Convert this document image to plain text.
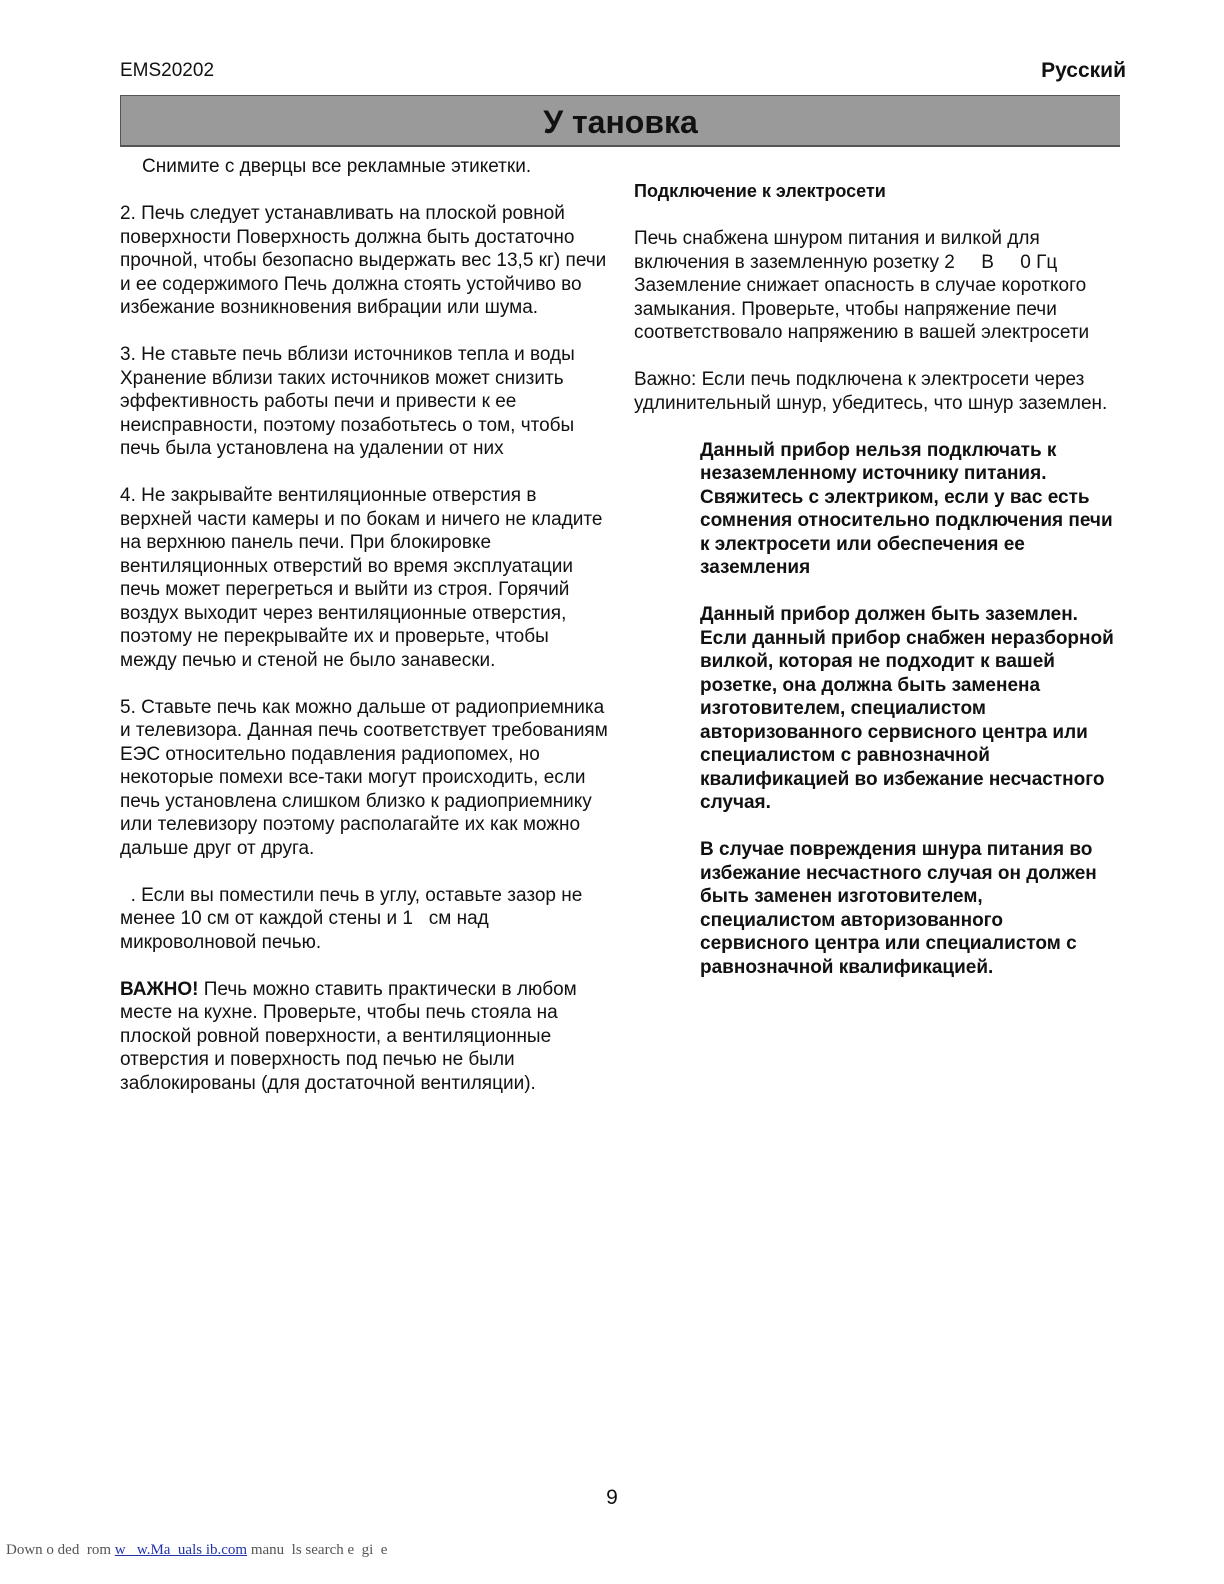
EMS20202	Русский
У тановка

Снимите с дверцы все рекламные этикетки.

2. Печь следует устанавливать на плоской ровной поверхности Поверхность должна быть достаточно прочной, чтобы безопасно выдержать вес 13,5 кг) печи и ее содержимого Печь должна стоять устойчиво во избежание возникновения вибрации или шума.

3. Не ставьте печь вблизи источников тепла и воды
Хранение вблизи таких источников может снизить эффективность работы печи и привести к ее неисправности, поэтому позаботьтесь о том, чтобы печь была установлена на удалении от них

4. Не закрывайте вентиляционные отверстия в верхней части камеры и по бокам и ничего не кладите на верхнюю панель печи. При блокировке вентиляционных отверстий во время эксплуатации печь может перегреться и выйти из строя. Горячий воздух выходит через вентиляционные отверстия, поэтому не перекрывайте их и проверьте, чтобы между печью и стеной не было занавески.

5. Ставьте печь как можно дальше от радиоприемника и телевизора. Данная печь соответствует требованиям ЕЭС относительно подавления радиопомех, но некоторые помехи все-таки могут происходить, если печь установлена слишком близко к радиоприемнику или телевизору поэтому располагайте их как можно дальше друг от друга.

. Если вы поместили печь в углу, оставьте зазор не менее 10 см от каждой стены и 1   см над микроволновой печью.

ВАЖНО! Печь можно ставить практически в любом месте на кухне. Проверьте, чтобы печь стояла на плоской ровной поверхности, а вентиляционные отверстия и поверхность под печью не были заблокированы (для достаточной вентиляции).

Подключение к электросети

Печь снабжена шнуром питания и вилкой для включения в заземленную розетку 2     В     0 Гц Заземление снижает опасность в случае короткого замыкания. Проверьте, чтобы напряжение печи соответствовало напряжению в вашей электросети

Важно: Если печь подключена к электросети через удлинительный шнур, убедитесь, что шнур заземлен.

Данный прибор нельзя подключать к незаземленному источнику питания. Свяжитесь с электриком, если у вас есть сомнения относительно подключения печи к электросети или обеспечения ее заземления

Данный прибор должен быть заземлен. Если данный прибор снабжен неразборной вилкой, которая не подходит к вашей розетке, она должна быть заменена изготовителем, специалистом авторизованного сервисного центра или специалистом с равнозначной квалификацией во избежание несчастного случая.

В случае повреждения шнура питания во избежание несчастного случая он должен быть заменен изготовителем, специалистом авторизованного сервисного центра или специалистом с равнозначной квалификацией.

9
Down o ded  rom w   w.Ma  uals ib.com manu  ls search e  gi  e
